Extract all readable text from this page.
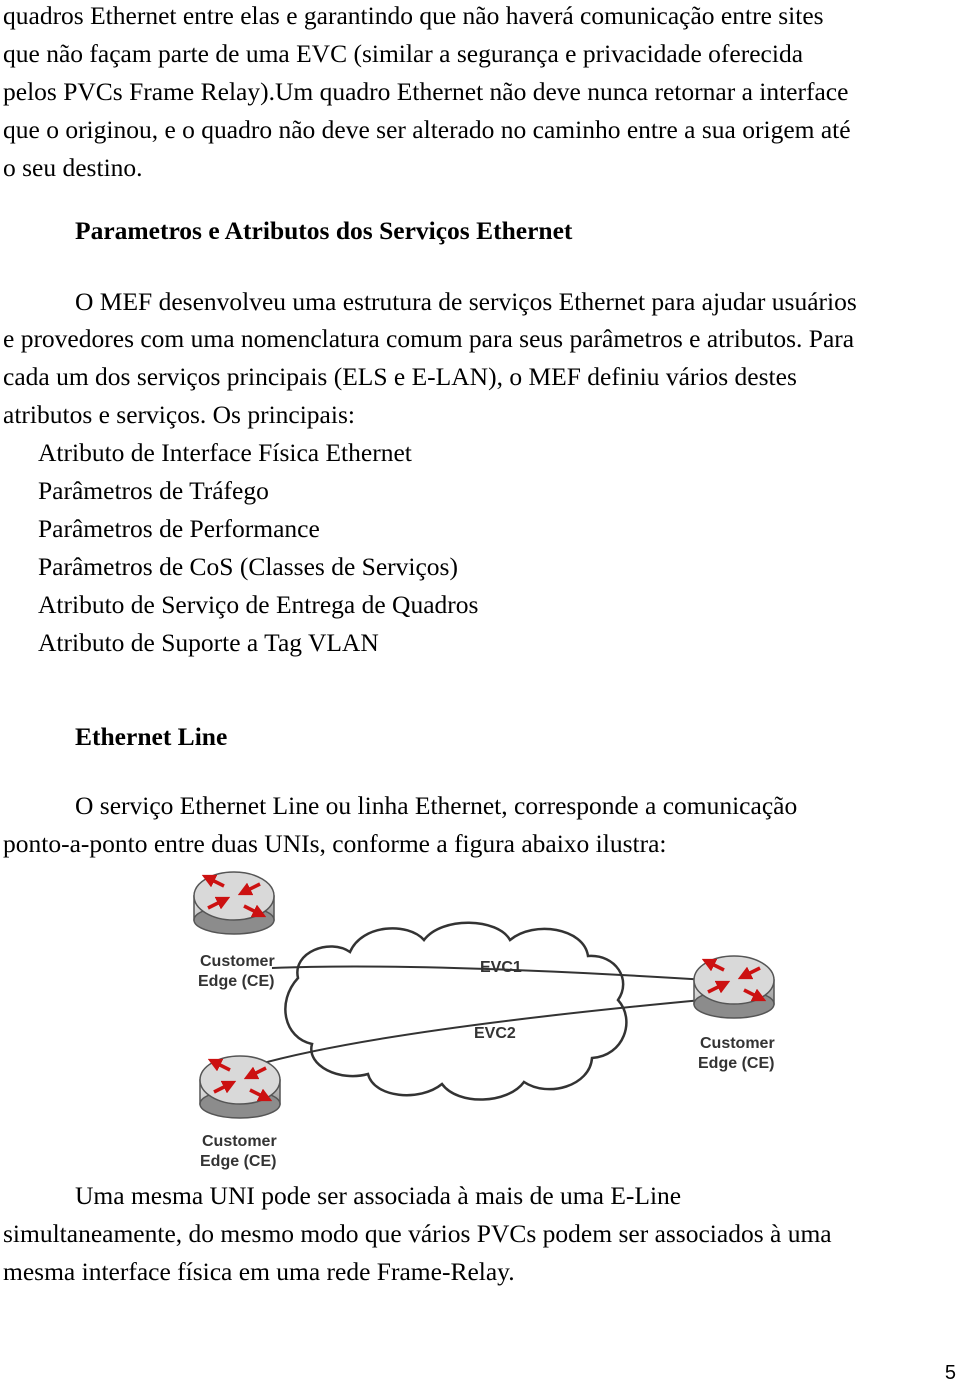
quadros Ethernet entre elas e garantindo que não haverá comunicação entre sites
que não façam parte de uma EVC (similar a segurança e privacidade oferecida
pelos PVCs Frame Relay).Um quadro Ethernet não deve nunca retornar a interface
que o originou, e o quadro não deve ser alterado no caminho entre a sua origem até
o seu destino.
Parametros e Atributos dos Serviços Ethernet
O MEF desenvolveu uma estrutura de serviços Ethernet para ajudar usuários
e provedores com uma nomenclatura comum para seus parâmetros e atributos. Para
cada um dos serviços principais (ELS e E-LAN), o MEF definiu vários destes
atributos e serviços. Os principais:
Atributo de Interface Física Ethernet
Parâmetros de Tráfego
Parâmetros de Performance
Parâmetros de CoS (Classes de Serviços)
Atributo de Serviço de Entrega de Quadros
Atributo de Suporte a Tag VLAN
Ethernet Line
O serviço Ethernet Line ou linha Ethernet, corresponde a comunicação
ponto-a-ponto entre duas UNIs, conforme a figura abaixo ilustra:
EVC1
EVC2
Customer
Edge (CE)
Customer
Edge (CE)
Customer
Edge (CE)
Uma mesma UNI pode ser associada à mais de uma E-Line
simultaneamente, do mesmo modo que vários PVCs podem ser associados à uma
mesma interface física em uma rede Frame-Relay.
5
